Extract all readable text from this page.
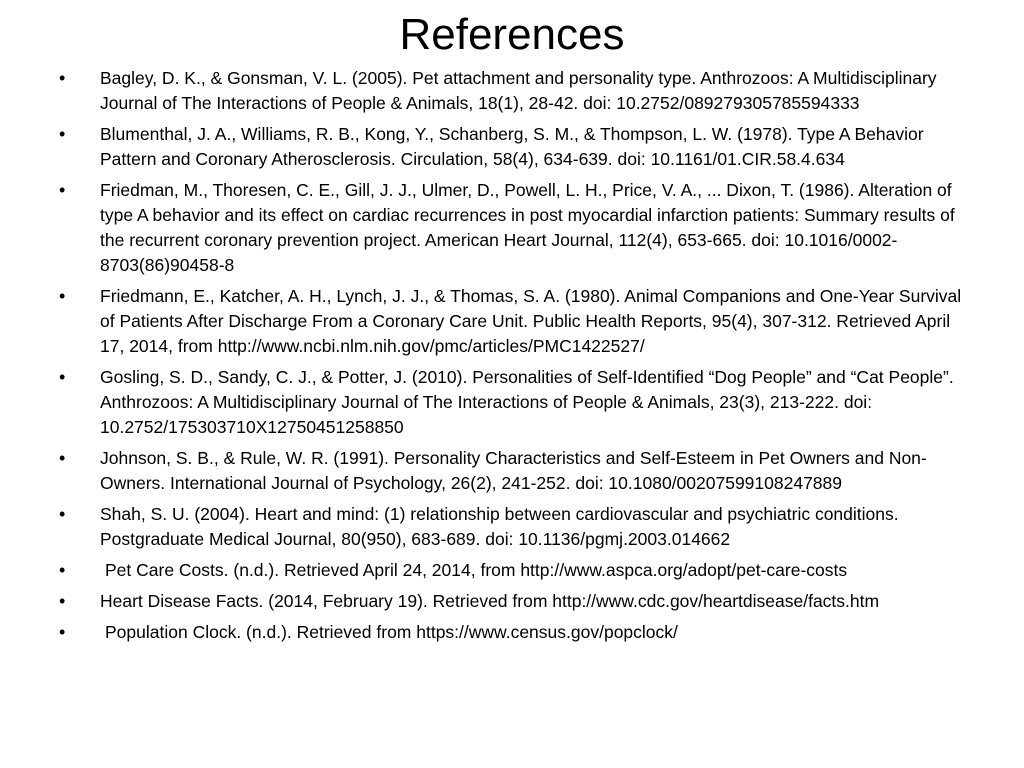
References
• Bagley, D. K., & Gonsman, V. L. (2005). Pet attachment and personality type. Anthrozoos: A Multidisciplinary Journal of The Interactions of People & Animals, 18(1), 28-42. doi: 10.2752/089279305785594333
• Blumenthal, J. A., Williams, R. B., Kong, Y., Schanberg, S. M., & Thompson, L. W. (1978). Type A Behavior Pattern and Coronary Atherosclerosis. Circulation, 58(4), 634-639. doi: 10.1161/01.CIR.58.4.634
• Friedman, M., Thoresen, C. E., Gill, J. J., Ulmer, D., Powell, L. H., Price, V. A., ... Dixon, T. (1986). Alteration of type A behavior and its effect on cardiac recurrences in post myocardial infarction patients: Summary results of the recurrent coronary prevention project. American Heart Journal, 112(4), 653-665. doi: 10.1016/0002-8703(86)90458-8
• Friedmann, E., Katcher, A. H., Lynch, J. J., & Thomas, S. A. (1980). Animal Companions and One-Year Survival of Patients After Discharge From a Coronary Care Unit. Public Health Reports, 95(4), 307-312. Retrieved April 17, 2014, from http://www.ncbi.nlm.nih.gov/pmc/articles/PMC1422527/
• Gosling, S. D., Sandy, C. J., & Potter, J. (2010). Personalities of Self-Identified “Dog People” and “Cat People”. Anthrozoos: A Multidisciplinary Journal of The Interactions of People & Animals, 23(3), 213-222. doi: 10.2752/175303710X12750451258850
• Johnson, S. B., & Rule, W. R. (1991). Personality Characteristics and Self-Esteem in Pet Owners and Non-Owners. International Journal of Psychology, 26(2), 241-252. doi: 10.1080/00207599108247889
• Shah, S. U. (2004). Heart and mind: (1) relationship between cardiovascular and psychiatric conditions. Postgraduate Medical Journal, 80(950), 683-689. doi: 10.1136/pgmj.2003.014662
• Pet Care Costs. (n.d.). Retrieved April 24, 2014, from http://www.aspca.org/adopt/pet-care-costs
• Heart Disease Facts. (2014, February 19). Retrieved from http://www.cdc.gov/heartdisease/facts.htm
• Population Clock. (n.d.). Retrieved from https://www.census.gov/popclock/
